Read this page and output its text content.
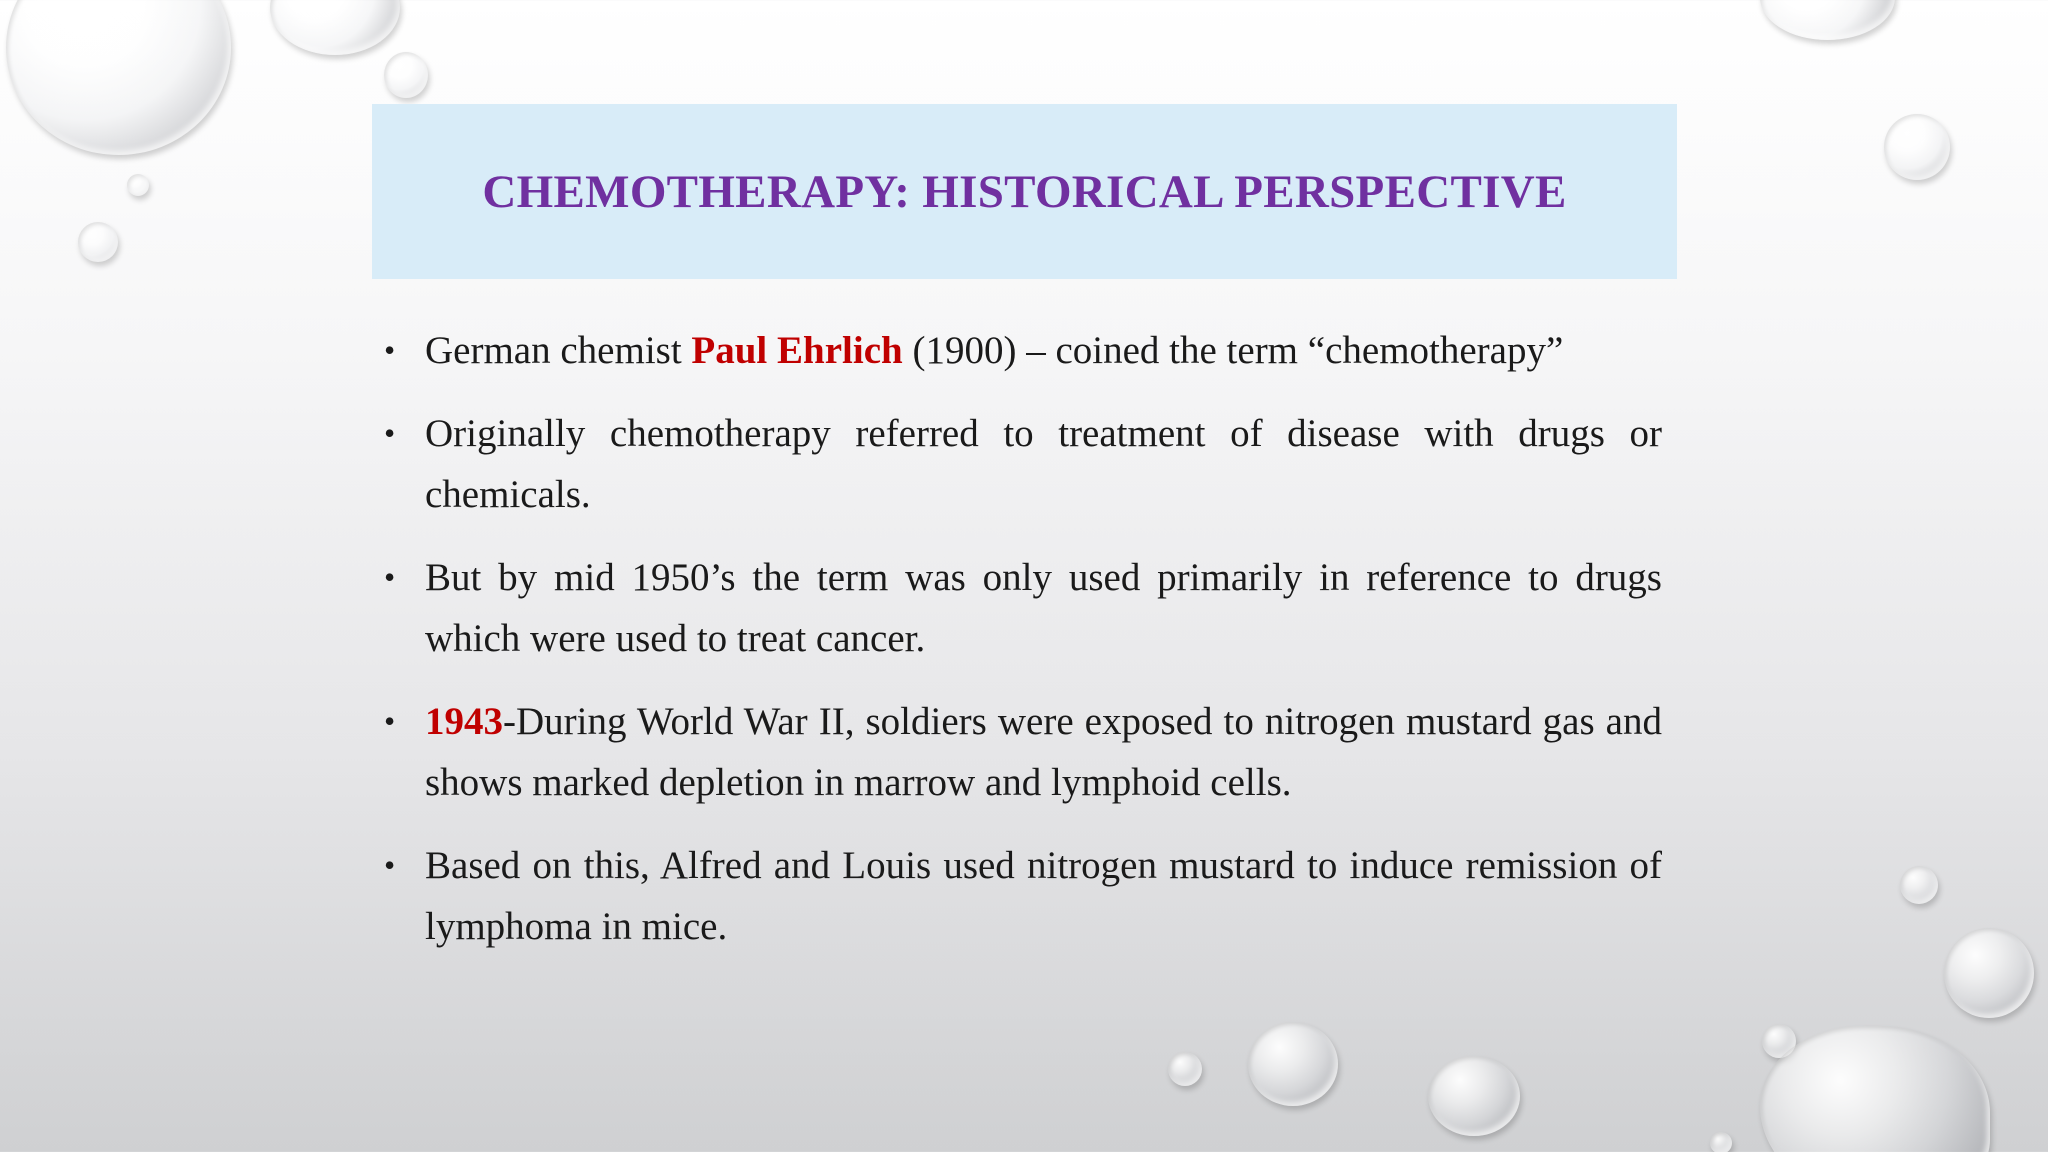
CHEMOTHERAPY: HISTORICAL PERSPECTIVE
• German chemist Paul Ehrlich (1900) – coined the term “chemotherapy”
• Originally chemotherapy referred to treatment of disease with drugs or chemicals.
• But by mid 1950’s the term was only used primarily in reference to drugs which were used to treat cancer.
• 1943-During World War II, soldiers were exposed to nitrogen mustard gas and shows marked depletion in marrow and lymphoid cells.
• Based on this, Alfred and Louis used nitrogen mustard to induce remission of lymphoma in mice.
